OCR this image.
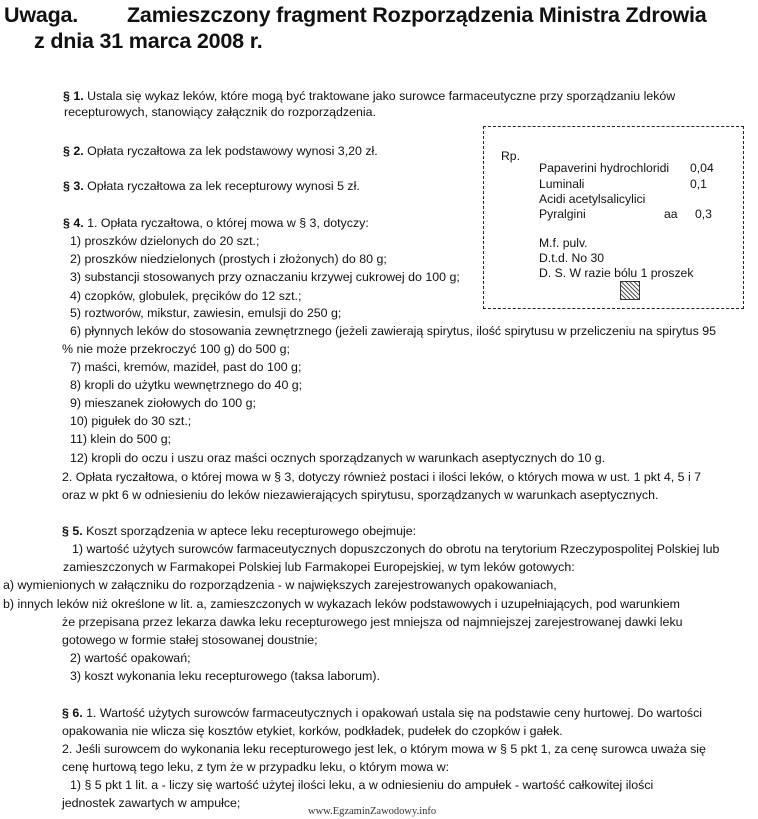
Uwaga. Zamieszczony fragment Rozporządzenia Ministra Zdrowia
z dnia 31 marca 2008 r.
§ 1. Ustala się wykaz leków, które mogą być traktowane jako surowce farmaceutyczne przy sporządzaniu leków
recepturowych, stanowiący załącznik do rozporządzenia.
§ 2. Opłata ryczałtowa za lek podstawowy wynosi 3,20 zł.
§ 3. Opłata ryczałtowa za lek recepturowy wynosi 5 zł.
§ 4. 1. Opłata ryczałtowa, o której mowa w § 3, dotyczy:
1) proszków dzielonych do 20 szt.;
2) proszków niedzielonych (prostych i złożonych) do 80 g;
3) substancji stosowanych przy oznaczaniu krzywej cukrowej do 100 g;
4) czopków, globulek, pręcików do 12 szt.;
5) roztworów, mikstur, zawiesin, emulsji do 250 g;
6) płynnych leków do stosowania zewnętrznego (jeżeli zawierają spirytus, ilość spirytusu w przeliczeniu na spirytus 95
% nie może przekroczyć 100 g) do 500 g;
7) maści, kremów, mazideł, past do 100 g;
8) kropli do użytku wewnętrznego do 40 g;
9) mieszanek ziołowych do 100 g;
10) pigułek do 30 szt.;
11) klein do 500 g;
12) kropli do oczu i uszu oraz maści ocznych sporządzanych w warunkach aseptycznych do 10 g.
2. Opłata ryczałtowa, o której mowa w § 3, dotyczy również postaci i ilości leków, o których mowa w ust. 1 pkt 4, 5 i 7
oraz w pkt 6 w odniesieniu do leków niezawierających spirytusu, sporządzanych w warunkach aseptycznych.
§ 5. Koszt sporządzenia w aptece leku recepturowego obejmuje:
1) wartość użytych surowców farmaceutycznych dopuszczonych do obrotu na terytorium Rzeczypospolitej Polskiej lub
zamieszczonych w Farmakopei Polskiej lub Farmakopei Europejskiej, w tym leków gotowych:
a) wymienionych w załączniku do rozporządzenia - w największych zarejestrowanych opakowaniach,
b) innych leków niż określone w lit. a, zamieszczonych w wykazach leków podstawowych i uzupełniających, pod warunkiem
że przepisana przez lekarza dawka leku recepturowego jest mniejsza od najmniejszej zarejestrowanej dawki leku
gotowego w formie stałej stosowanej doustnie;
2) wartość opakowań;
3) koszt wykonania leku recepturowego (taksa laborum).
§ 6. 1. Wartość użytych surowców farmaceutycznych i opakowań ustala się na podstawie ceny hurtowej. Do wartości
opakowania nie wlicza się kosztów etykiet, korków, podkładek, pudełek do czopków i gałek.
2. Jeśli surowcem do wykonania leku recepturowego jest lek, o którym mowa w § 5 pkt 1, za cenę surowca uważa się
cenę hurtową tego leku, z tym że w przypadku leku, o którym mowa w:
1) § 5 pkt 1 lit. a - liczy się wartość użytej ilości leku, a w odniesieniu do ampułek - wartość całkowitej ilości
jednostek zawartych w ampułce;
Rp.
Papaverini hydrochloridi 0,04
Luminali	0,1
Acidi acetylsalicylici
Pyralgini	aa 0,3
M.f. pulv.
D.t.d. No 30
D. S. W razie bólu 1 proszek
www.EgzaminZawodowy.info
